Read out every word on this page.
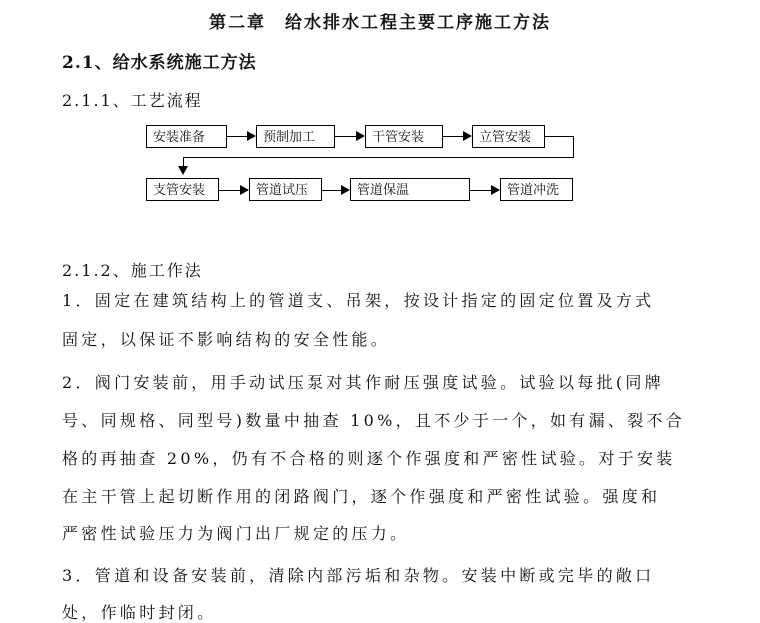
第二章　给水排水工程主要工序施工方法
2.1、给水系统施工方法
2.1.1、工艺流程
安装准备	预制加工	干管安装	立管安装
支管安装	管道试压	管道保温	管道冲洗
2.1.2、施工作法
1．固定在建筑结构上的管道支、吊架，按设计指定的固定位置及方式
固定，以保证不影响结构的安全性能。
2．阀门安装前，用手动试压泵对其作耐压强度试验。试验以每批(同牌
号、同规格、同型号)数量中抽查 10%，且不少于一个，如有漏、裂不合
格的再抽查 20%，仍有不合格的则逐个作强度和严密性试验。对于安装
在主干管上起切断作用的闭路阀门，逐个作强度和严密性试验。强度和
严密性试验压力为阀门出厂规定的压力。
3．管道和设备安装前，清除内部污垢和杂物。安装中断或完毕的敞口
处，作临时封闭。
